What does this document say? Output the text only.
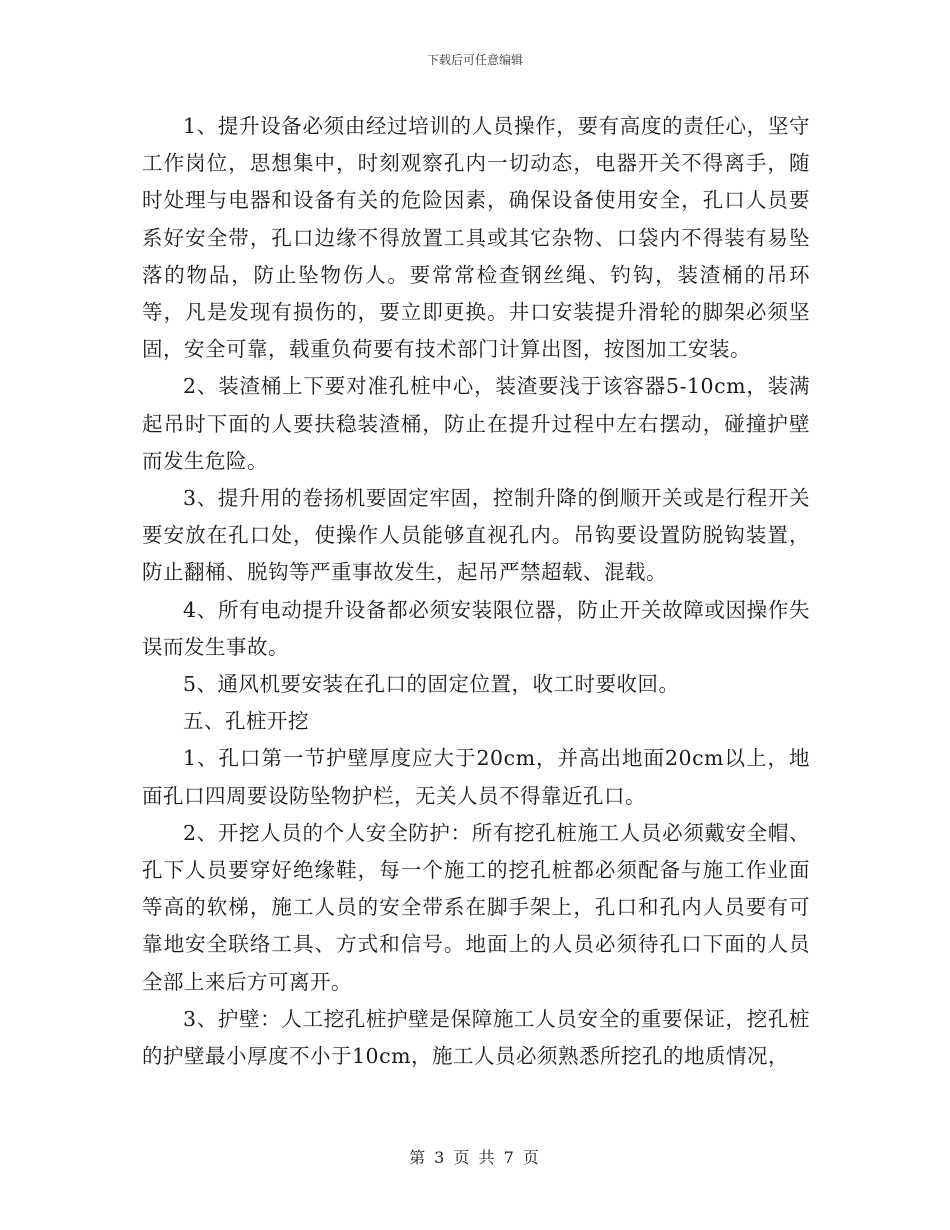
下载后可任意编辑

1、提升设备必须由经过培训的人员操作，要有高度的责任心，坚守工作岗位，思想集中，时刻观察孔内一切动态，电器开关不得离手，随时处理与电器和设备有关的危险因素，确保设备使用安全，孔口人员要系好安全带，孔口边缘不得放置工具或其它杂物、口袋内不得装有易坠落的物品，防止坠物伤人。要常常检查钢丝绳、钓钩，装渣桶的吊环等，凡是发现有损伤的，要立即更换。井口安装提升滑轮的脚架必须坚固，安全可靠，载重负荷要有技术部门计算出图，按图加工安装。

2、装渣桶上下要对准孔桩中心，装渣要浅于该容器5-10cm，装满起吊时下面的人要扶稳装渣桶，防止在提升过程中左右摆动，碰撞护壁而发生危险。

3、提升用的卷扬机要固定牢固，控制升降的倒顺开关或是行程开关要安放在孔口处，使操作人员能够直视孔内。吊钩要设置防脱钩装置，防止翻桶、脱钩等严重事故发生，起吊严禁超载、混载。

4、所有电动提升设备都必须安装限位器，防止开关故障或因操作失误而发生事故。

5、通风机要安装在孔口的固定位置，收工时要收回。

五、孔桩开挖

1、孔口第一节护壁厚度应大于20cm，并高出地面20cm以上，地面孔口四周要设防坠物护栏，无关人员不得靠近孔口。

2、开挖人员的个人安全防护：所有挖孔桩施工人员必须戴安全帽、孔下人员要穿好绝缘鞋，每一个施工的挖孔桩都必须配备与施工作业面等高的软梯，施工人员的安全带系在脚手架上，孔口和孔内人员要有可靠地安全联络工具、方式和信号。地面上的人员必须待孔口下面的人员全部上来后方可离开。

3、护壁：人工挖孔桩护壁是保障施工人员安全的重要保证，挖孔桩的护壁最小厚度不小于10cm，施工人员必须熟悉所挖孔的地质情况，

第 3 页 共 7 页
